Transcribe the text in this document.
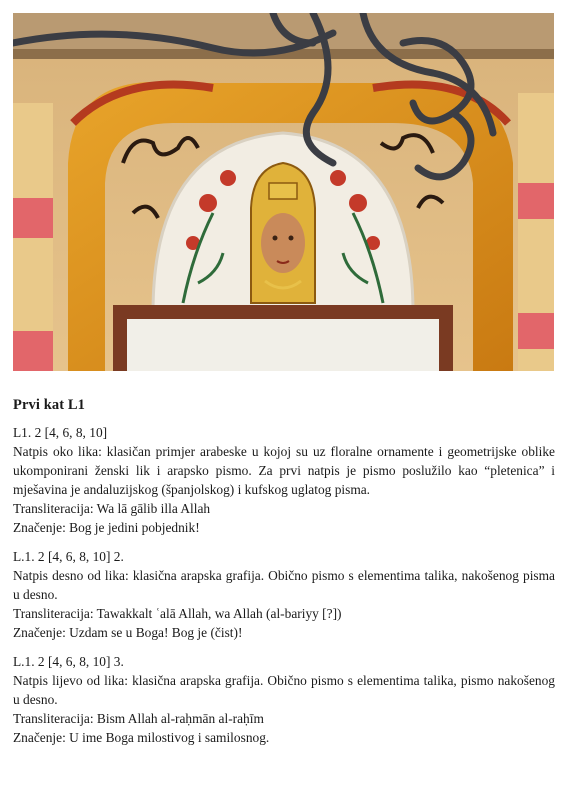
Prvi kat L1

L1. 2 [4, 6, 8, 10]

Natpis oko lika: klasičan primjer arabeske u kojoj su uz floralne ornamente i geometrijske oblike ukomponirani ženski lik i arapsko pismo. Za prvi natpis je pismo poslužilo kao “pletenica” i mješavina je andaluzijskog (španjolskog) i kufskog uglatog pisma.

Transliteracija: Wa lā gālib illa Allah

Značenje: Bog je jedini pobjednik!

L.1. 2 [4, 6, 8, 10] 2.

Natpis desno od lika: klasična arapska grafija. Obično pismo s elementima talika, nakošenog pisma u desno.

Transliteracija: Tawakkalt ʿalā Allah, wa Allah (al-bariyy [?])

Značenje: Uzdam se u Boga! Bog je (čist)!

L.1. 2 [4, 6, 8, 10] 3.

Natpis lijevo od lika: klasična arapska grafija. Obično pismo s elementima talika, pismo nakošenog u desno.

Transliteracija: Bism Allah al-raḥmān al-raḥīm

Značenje: U ime Boga milostivog i samilosnog.
